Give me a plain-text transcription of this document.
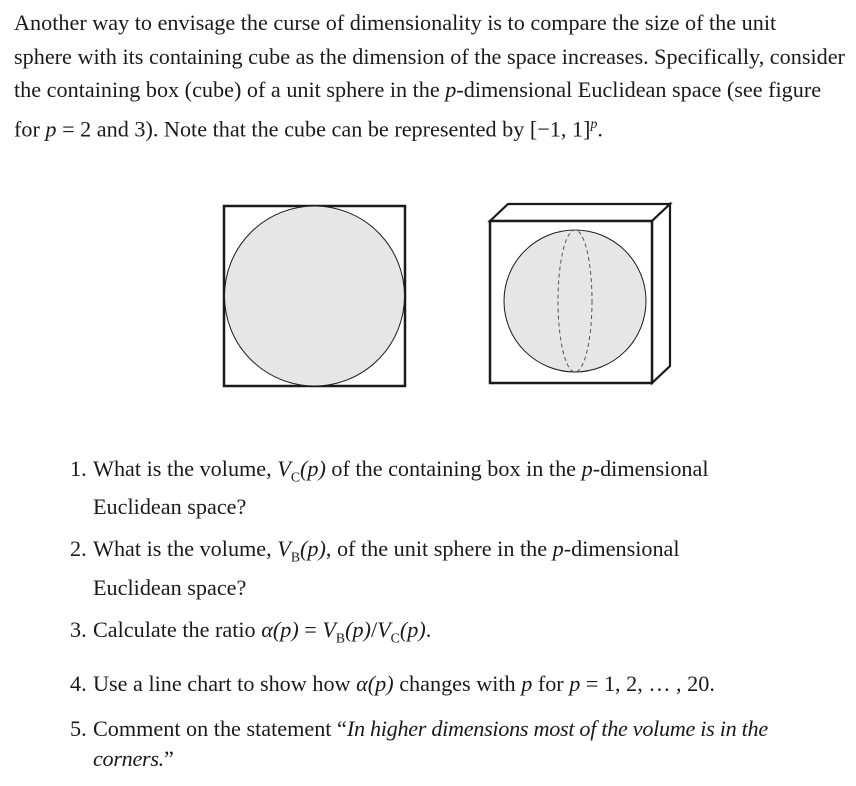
Another way to envisage the curse of dimensionality is to compare the size of the unit
sphere with its containing cube as the dimension of the space increases. Specifically, consider
the containing box (cube) of a unit sphere in the p-dimensional Euclidean space (see figure
for p = 2 and 3). Note that the cube can be represented by [−1, 1]$^p$.
1. What is the volume, $V_C(p)$ of the containing box in the p-dimensional
Euclidean space?
2. What is the volume, $V_B(p)$, of the unit sphere in the p-dimensional
Euclidean space?
3. Calculate the ratio $\alpha(p) = V_B(p)/V_C(p)$.
4. Use a line chart to show how α(p) changes with p for p = 1, 2, … , 20.
5. Comment on the statement “In higher dimensions most of the volume is in the
corners.”
